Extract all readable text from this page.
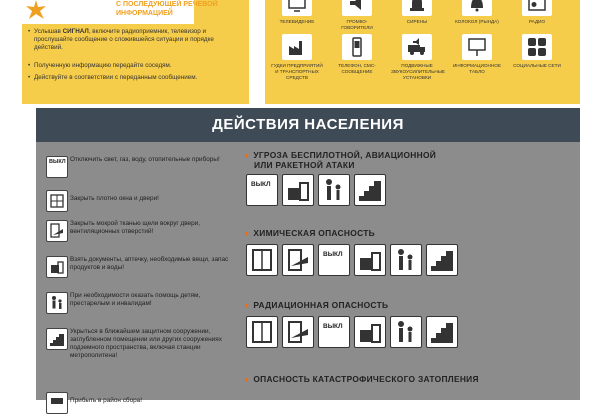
С ПОСЛЕДУЮЩЕЙ РЕЧЕВОЙ
ИНФОРМАЦИЕЙ
• Услышав СИГНАЛ, включите радиоприемник, телевизор и прослушайте сообщение о сложившейся ситуации и порядке действий.
• Полученную информацию передайте соседям.
• Действуйте в соответствии с переданным сообщением.
ТЕЛЕВИДЕНИЕ	ГРОМКО-ГОВОРИТЕЛИ
СИРЕНЫ	КОЛОКОЛ (РЫНДА)	РАДИО
ГУДКИ ПРЕДПРИЯТИЙ И ТРАНСПОРТНЫХ СРЕДСТВ
ТЕЛЕФОН, СМС-СООБЩЕНИЕ
ПОДВИЖНЫЕ ЗВУКОУСИЛИТЕЛЬНЫЕ УСТАНОВКИ
ИНФОРМАЦИОННОЕ ТАБЛО
СОЦИАЛЬНЫЕ СЕТИ
ДЕЙСТВИЯ НАСЕЛЕНИЯ
ВЫКЛ Отключить свет, газ, воду, отопительные приборы!
Закрыть плотно окна и двери!
Закрыть мокрой тканью щели вокруг двери, вентиляционных отверстий!
Взять документы, аптечку, необходимые вещи, запас продуктов и воды!
При необходимости оказать помощь детям, престарелым и инвалидам!
Укрыться в ближайшем защитном сооружении, заглубленном помещении или других сооружениях подземного пространства, включая станции метрополитена!
Прибыть в район сбора!
● УГРОЗА БЕСПИЛОТНОЙ, АВИАЦИОННОЙ
ИЛИ РАКЕТНОЙ АТАКИ
ВЫКЛ
● ХИМИЧЕСКАЯ ОПАСНОСТЬ
ВЫКЛ
● РАДИАЦИОННАЯ ОПАСНОСТЬ
ВЫКЛ
● ОПАСНОСТЬ КАТАСТРОФИЧЕСКОГО ЗАТОПЛЕНИЯ
